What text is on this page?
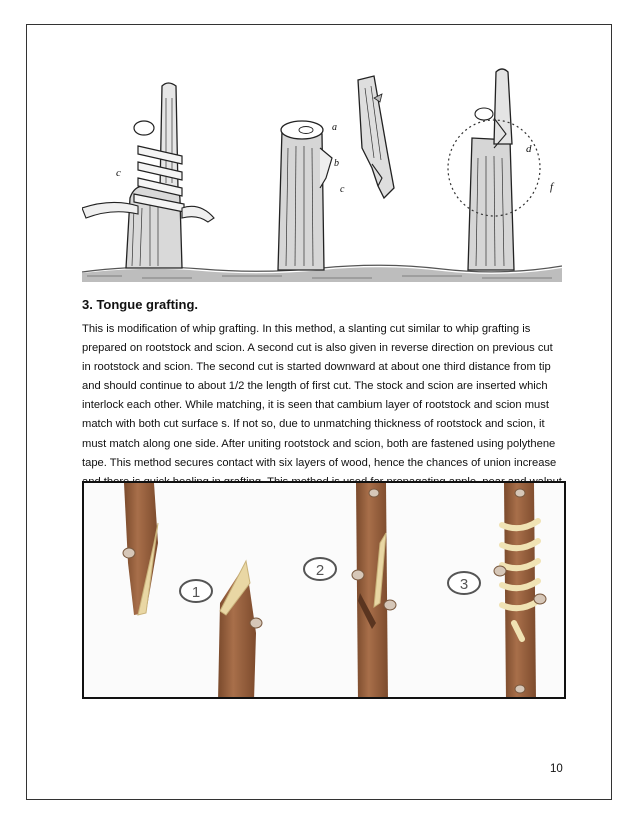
c
a
b
c
d
f
3. Tongue grafting.

This is modification of whip grafting. In this method, a slanting cut similar to whip grafting is prepared on rootstock and scion. A second cut is also given in reverse direction on previous cut in rootstock and scion. The second cut is started downward at about one third distance from tip and should continue to about 1/2 the length of first cut. The stock and scion are inserted which interlock each other. While matching, it is seen that cambium layer of rootstock and scion must match with both cut surface s. If not so, due to unmatching thickness of rootstock and scion, it must match along one side. After uniting rootstock and scion, both are fastened using polythene tape. This method secures contact with six layers of wood, hence the chances of union increase

1
2
3
10
